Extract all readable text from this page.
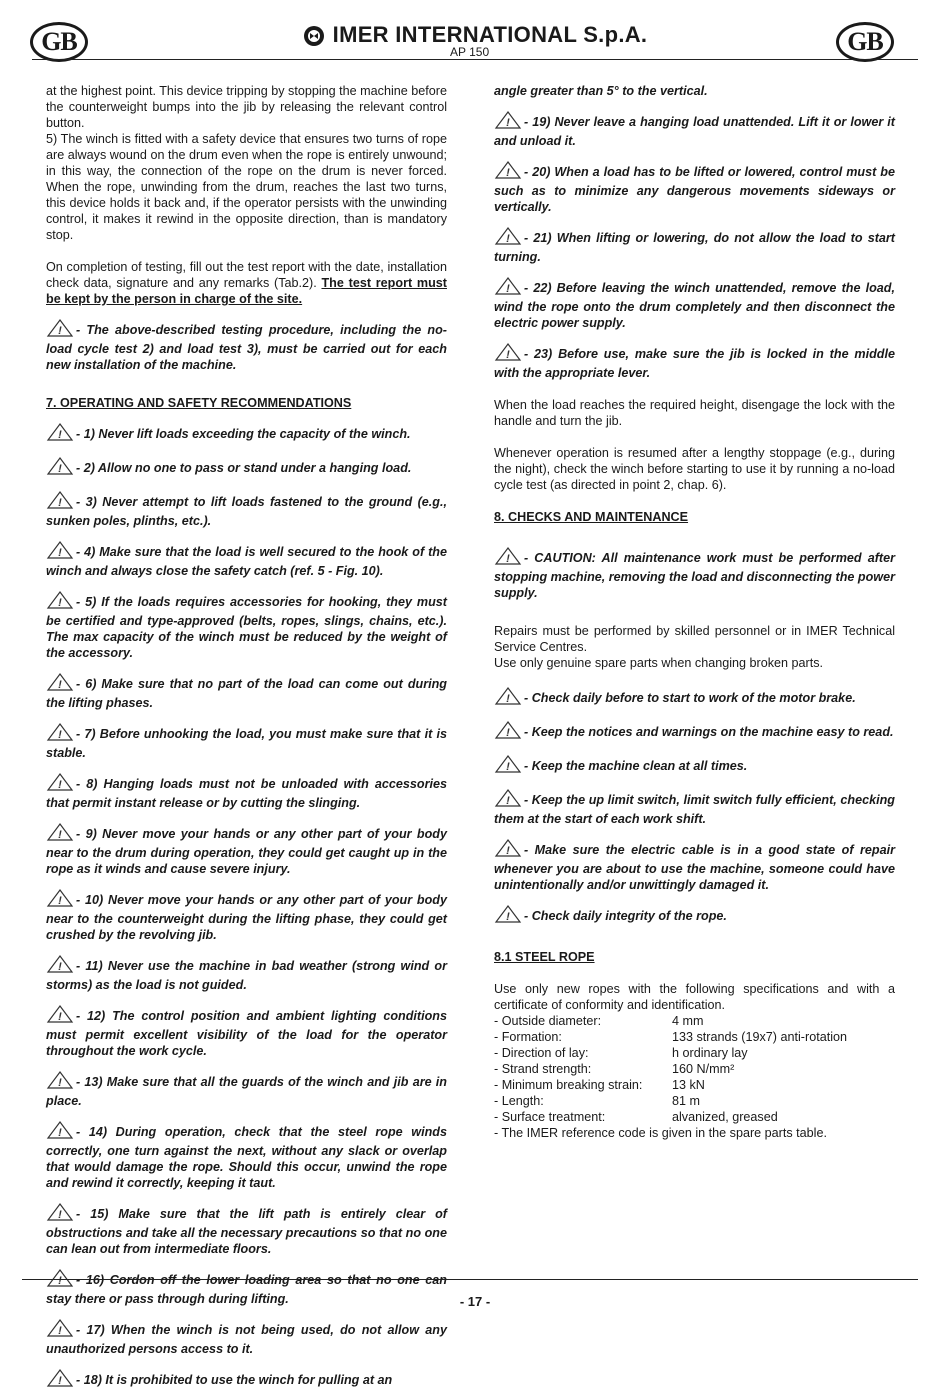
GB	IMER INTERNATIONAL S.p.A.
AP 150	GB

at the highest point. This device tripping by stopping the machine before the counterweight bumps into the jib by releasing the relevant control button.

5) The winch is fitted with a safety device that ensures two turns of rope are always wound on the drum even when the rope is entirely unwound; in this way, the connection of the rope on the drum is never forced. When the rope, unwinding from the drum, reaches the last two turns, this device holds it back and, if the operator persists with the unwinding control, it makes it rewind in the opposite direction, than is mandatory stop.

On completion of testing, fill out the test report with the date, installation check data, signature and any remarks (Tab.2). The test report must be kept by the person in charge of the site.

! - The above-described testing procedure, including the no-load cycle test 2) and load test 3), must be carried out for each new installation of the machine.

7. OPERATING AND SAFETY RECOMMENDATIONS

! - 1) Never lift loads exceeding the capacity of the winch.

! - 2) Allow no one to pass or stand under a hanging load.

! - 3) Never attempt to lift loads fastened to the ground (e.g., sunken poles, plinths, etc.).

! - 4) Make sure that the load is well secured to the hook of the winch and always close the safety catch (ref. 5 - Fig. 10).

! - 5) If the loads requires accessories for hooking, they must be certified and type-approved (belts, ropes, slings, chains, etc.). The max capacity of the winch must be reduced by the weight of the accessory.

! - 6) Make sure that no part of the load can come out during the lifting phases.

! - 7) Before unhooking the load, you must make sure that it is stable.

! - 8) Hanging loads must not be unloaded with accessories that permit instant release or by cutting the slinging.

! - 9) Never move your hands or any other part of your body near to the drum during operation, they could get caught up in the rope as it winds and cause severe injury.

! - 10) Never move your hands or any other part of your body near to the counterweight during the lifting phase, they could get crushed by the revolving jib.

! - 11) Never use the machine in bad weather (strong wind or storms) as the load is not guided.

! - 12) The control position and ambient lighting conditions must permit excellent visibility of the load for the operator throughout the work cycle.

! - 13) Make sure that all the guards of the winch and jib are in place.

! - 14) During operation, check that the steel rope winds correctly, one turn against the next, without any slack or overlap that would damage the rope. Should this occur, unwind the rope and rewind it correctly, keeping it taut.

! - 15) Make sure that the lift path is entirely clear of obstructions and take all the necessary precautions so that no one can lean out from intermediate floors.

! - 16) Cordon off the lower loading area so that no one can stay there or pass through during lifting.

! - 17) When the winch is not being used, do not allow any unauthorized persons access to it.

! - 18) It is prohibited to use the winch for pulling at an

angle greater than 5° to the vertical.

! - 19) Never leave a hanging load unattended. Lift it or lower it and unload it.

! - 20) When a load has to be lifted or lowered, control must be such as to minimize any dangerous movements sideways or vertically.

! - 21) When lifting or lowering, do not allow the load to start turning.

! - 22) Before leaving the winch unattended, remove the load, wind the rope onto the drum completely and then disconnect the electric power supply.

! - 23) Before use, make sure the jib is locked in the middle with the appropriate lever.

When the load reaches the required height, disengage the lock with the handle and turn the jib.

Whenever operation is resumed after a lengthy stoppage (e.g., during the night), check the winch before starting to use it by running a no-load cycle test (as directed in point 2, chap. 6).

8. CHECKS AND MAINTENANCE

! - CAUTION: All maintenance work must be performed after stopping machine, removing the load and disconnecting the power supply.

Repairs must be performed by skilled personnel or in IMER Technical Service Centres.

Use only genuine spare parts when changing broken parts.

! - Check daily before to start to work of the motor brake.

! - Keep the notices and warnings on the machine easy to read.

! - Keep the machine clean at all times.

! - Keep the up limit switch, limit switch fully efficient, checking them at the start of each work shift.

! - Make sure the electric cable is in a good state of repair whenever you are about to use the machine, someone could have unintentionally and/or unwittingly damaged it.

! - Check daily integrity of the rope.

8.1 STEEL ROPE

Use only new ropes with the following specifications and with a certificate of conformity and identification.

- Outside diameter:	4 mm
- Formation:	133 strands (19x7) anti-rotation
- Direction of lay:	h ordinary lay
- Strand strength:	160 N/mm²
- Minimum breaking strain:	13 kN
- Length:	81 m
- Surface treatment:	alvanized, greased

- The IMER reference code is given in the spare parts table.

- 17 -
